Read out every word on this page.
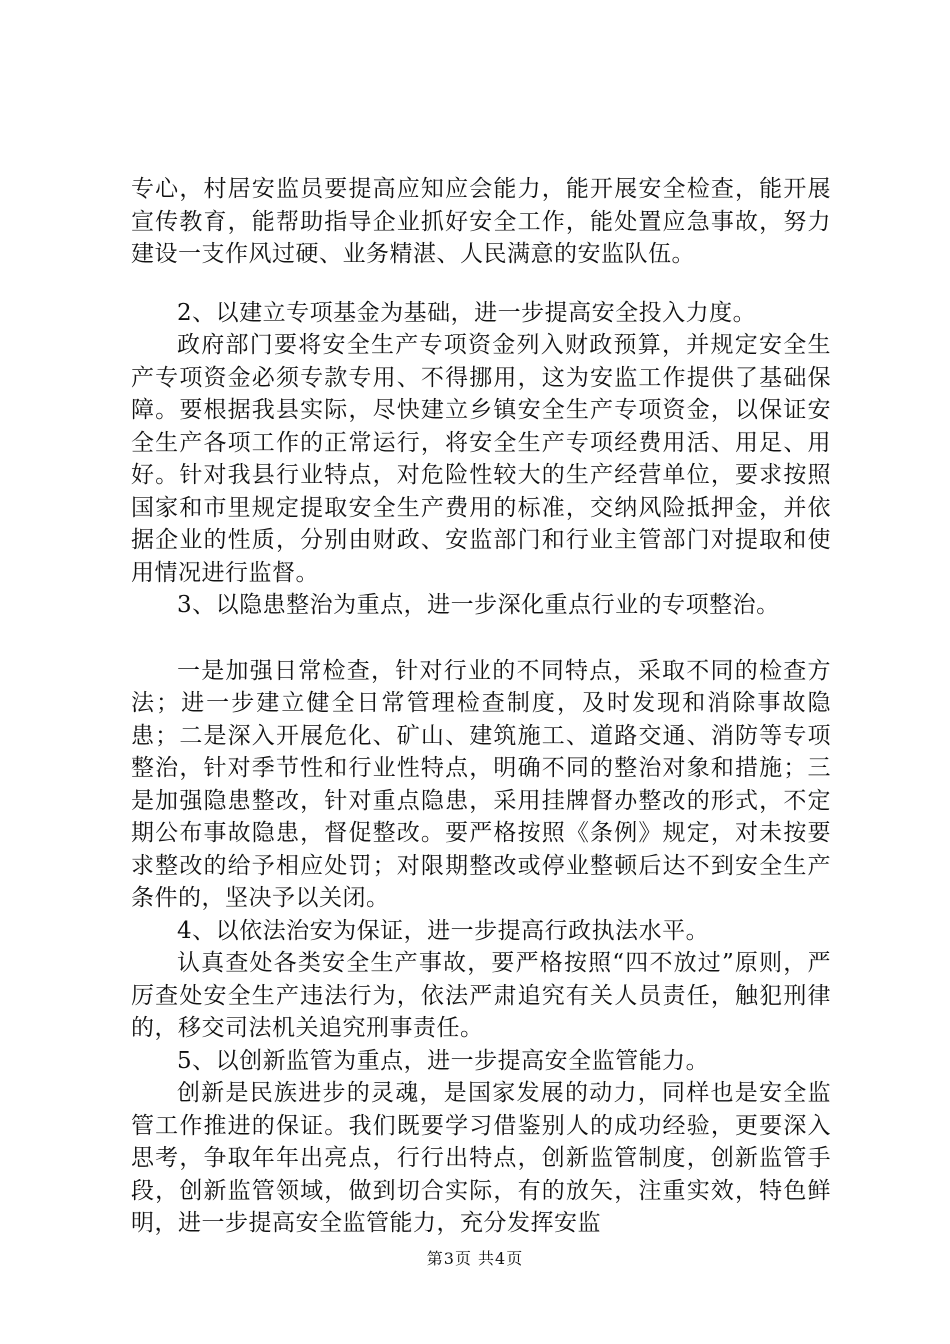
专心，村居安监员要提高应知应会能力，能开展安全检查，能开展宣传教育，能帮助指导企业抓好安全工作，能处置应急事故，努力建设一支作风过硬、业务精湛、人民满意的安监队伍。

2、以建立专项基金为基础，进一步提高安全投入力度。

政府部门要将安全生产专项资金列入财政预算，并规定安全生产专项资金必须专款专用、不得挪用，这为安监工作提供了基础保障。要根据我县实际，尽快建立乡镇安全生产专项资金，以保证安全生产各项工作的正常运行，将安全生产专项经费用活、用足、用好。针对我县行业特点，对危险性较大的生产经营单位，要求按照国家和市里规定提取安全生产费用的标准，交纳风险抵押金，并依据企业的性质，分别由财政、安监部门和行业主管部门对提取和使用情况进行监督。

3、以隐患整治为重点，进一步深化重点行业的专项整治。

一是加强日常检查，针对行业的不同特点，采取不同的检查方法；进一步建立健全日常管理检查制度，及时发现和消除事故隐患；二是深入开展危化、矿山、建筑施工、道路交通、消防等专项整治，针对季节性和行业性特点，明确不同的整治对象和措施；三是加强隐患整改，针对重点隐患，采用挂牌督办整改的形式，不定期公布事故隐患，督促整改。要严格按照《条例》规定，对未按要求整改的给予相应处罚；对限期整改或停业整顿后达不到安全生产条件的，坚决予以关闭。

4、以依法治安为保证，进一步提高行政执法水平。

认真查处各类安全生产事故，要严格按照“四不放过”原则，严厉查处安全生产违法行为，依法严肃追究有关人员责任，触犯刑律的，移交司法机关追究刑事责任。

5、以创新监管为重点，进一步提高安全监管能力。

创新是民族进步的灵魂，是国家发展的动力，同样也是安全监管工作推进的保证。我们既要学习借鉴别人的成功经验，更要深入思考，争取年年出亮点，行行出特点，创新监管制度，创新监管手段，创新监管领域，做到切合实际，有的放矢，注重实效，特色鲜明，进一步提高安全监管能力，充分发挥安监

第3页 共4页
